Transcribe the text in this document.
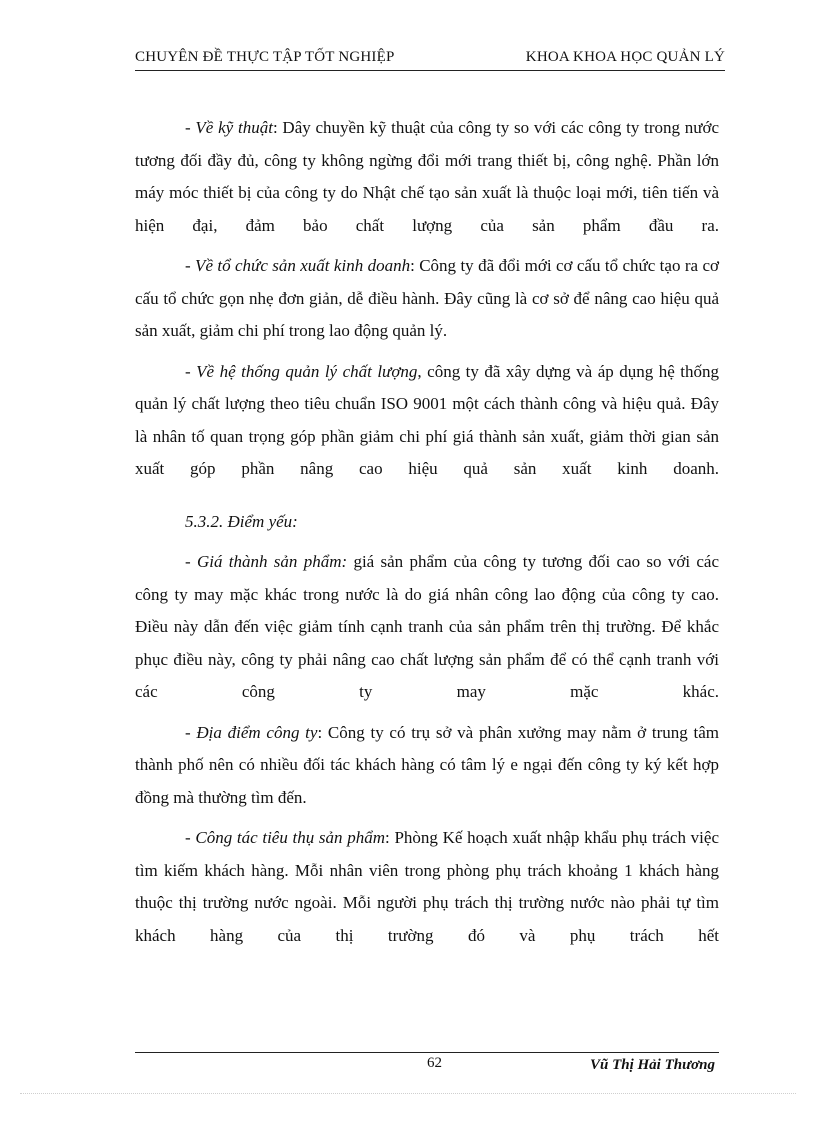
CHUYÊN ĐỀ THỰC TẬP TỐT NGHIỆP	KHOA KHOA HỌC QUẢN LÝ

- Về kỹ thuật: Dây chuyền kỹ thuật của công ty so với các công ty trong nước tương đối đầy đủ, công ty không ngừng đổi mới trang thiết bị, công nghệ. Phần lớn máy móc thiết bị của công ty do Nhật chế tạo sản xuất là thuộc loại mới, tiên tiến và hiện đại, đảm bảo chất lượng của sản phẩm đầu ra.

- Về tổ chức sản xuất kinh doanh: Công ty đã đổi mới cơ cấu tổ chức tạo ra cơ cấu tổ chức gọn nhẹ đơn giản, dễ điều hành. Đây cũng là cơ sở để nâng cao hiệu quả sản xuất, giảm chi phí trong lao động quản lý.

- Về hệ thống quản lý chất lượng, công ty đã xây dựng và áp dụng hệ thống quản lý chất lượng theo tiêu chuẩn ISO 9001 một cách thành công và hiệu quả. Đây là nhân tố quan trọng góp phần giảm chi phí giá thành sản xuất, giảm thời gian sản xuất góp phần nâng cao hiệu quả sản xuất kinh doanh.

5.3.2. Điểm yếu:

- Giá thành sản phẩm: giá sản phẩm của công ty tương đối cao so với các công ty may mặc khác trong nước là do giá nhân công lao động của công ty cao. Điều này dẫn đến việc giảm tính cạnh tranh của sản phẩm trên thị trường. Để khắc phục điều này, công ty phải nâng cao chất lượng sản phẩm để có thể cạnh tranh với các công ty may mặc khác.

- Địa điểm công ty: Công ty có trụ sở và phân xưởng may nằm ở trung tâm thành phố nên có nhiều đối tác khách hàng có tâm lý e ngại đến công ty ký kết hợp đồng mà thường tìm đến.

- Công tác tiêu thụ sản phẩm: Phòng Kế hoạch xuất nhập khẩu phụ trách việc tìm kiếm khách hàng. Mỗi nhân viên trong phòng phụ trách khoảng 1 khách hàng thuộc thị trường nước ngoài. Mỗi người phụ trách thị trường nước nào phải tự tìm khách hàng của thị trường đó và phụ trách hết

62	Vũ Thị Hải Thương
